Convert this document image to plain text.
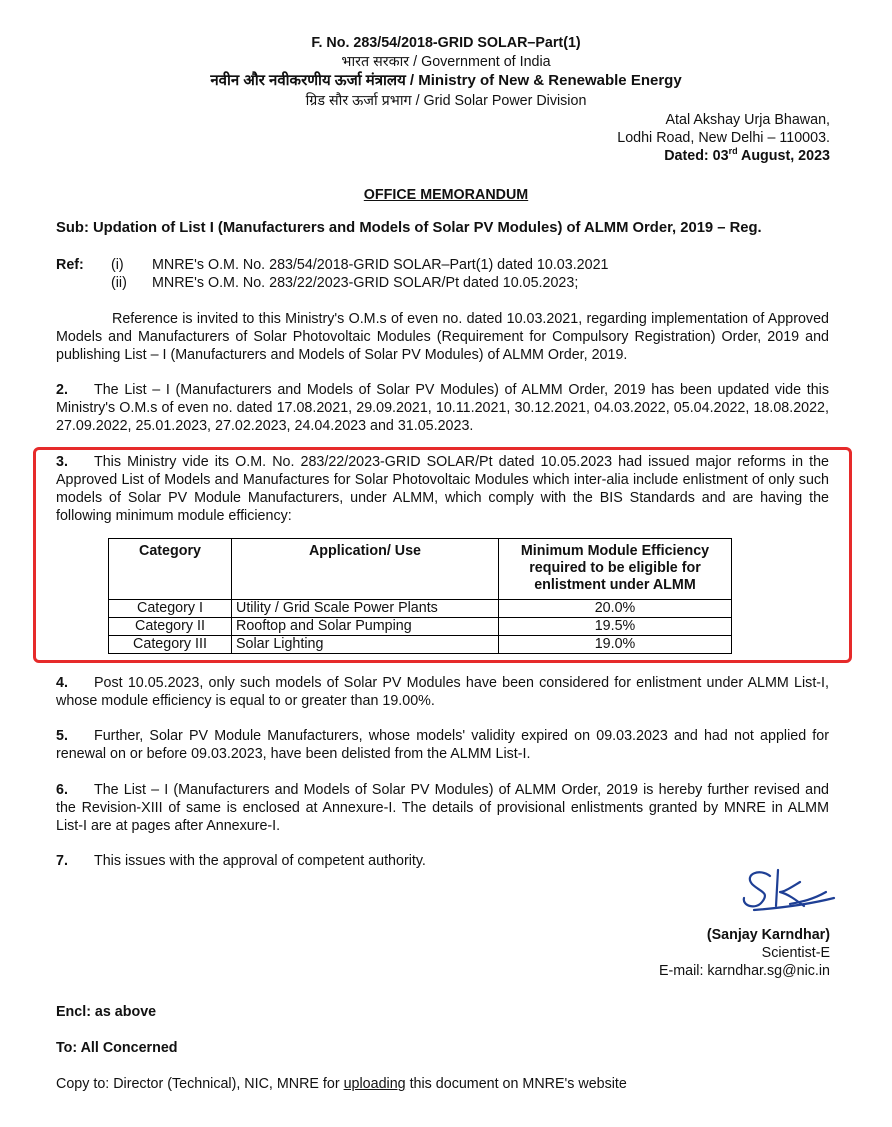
F. No. 283/54/2018-GRID SOLAR–Part(1)
भारत सरकार / Government of India
नवीन और नवीकरणीय ऊर्जा मंत्रालय / Ministry of New & Renewable Energy
ग्रिड सौर ऊर्जा प्रभाग / Grid Solar Power Division
Atal Akshay Urja Bhawan,
Lodhi Road, New Delhi – 110003.
Dated: 03rd August, 2023
OFFICE MEMORANDUM
Sub: Updation of List I (Manufacturers and Models of Solar PV Modules) of ALMM Order, 2019 – Reg.
Ref: (i) MNRE's O.M. No. 283/54/2018-GRID SOLAR–Part(1) dated 10.03.2021
(ii) MNRE's O.M. No. 283/22/2023-GRID SOLAR/Pt dated 10.05.2023;
Reference is invited to this Ministry's O.M.s of even no. dated 10.03.2021, regarding implementation of Approved Models and Manufacturers of Solar Photovoltaic Modules (Requirement for Compulsory Registration) Order, 2019 and publishing List – I (Manufacturers and Models of Solar PV Modules) of ALMM Order, 2019.
2. The List – I (Manufacturers and Models of Solar PV Modules) of ALMM Order, 2019 has been updated vide this Ministry's O.M.s of even no. dated 17.08.2021, 29.09.2021, 10.11.2021, 30.12.2021, 04.03.2022, 05.04.2022, 18.08.2022, 27.09.2022, 25.01.2023, 27.02.2023, 24.04.2023 and 31.05.2023.
3. This Ministry vide its O.M. No. 283/22/2023-GRID SOLAR/Pt dated 10.05.2023 had issued major reforms in the Approved List of Models and Manufactures for Solar Photovoltaic Modules which inter-alia include enlistment of only such models of Solar PV Module Manufacturers, under ALMM, which comply with the BIS Standards and are having the following minimum module efficiency:
Category	Application/ Use	Minimum Module Efficiency required to be eligible for enlistment under ALMM
Category I	Utility / Grid Scale Power Plants	20.0%
Category II	Rooftop and Solar Pumping	19.5%
Category III	Solar Lighting	19.0%
4. Post 10.05.2023, only such models of Solar PV Modules have been considered for enlistment under ALMM List-I, whose module efficiency is equal to or greater than 19.00%.
5. Further, Solar PV Module Manufacturers, whose models' validity expired on 09.03.2023 and had not applied for renewal on or before 09.03.2023, have been delisted from the ALMM List-I.
6. The List – I (Manufacturers and Models of Solar PV Modules) of ALMM Order, 2019 is hereby further revised and the Revision-XIII of same is enclosed at Annexure-I. The details of provisional enlistments granted by MNRE in ALMM List-I are at pages after Annexure-I.
7. This issues with the approval of competent authority.
(Sanjay Karndhar)
Scientist-E
E-mail: karndhar.sg@nic.in
Encl: as above
To: All Concerned
Copy to: Director (Technical), NIC, MNRE for uploading this document on MNRE's website
